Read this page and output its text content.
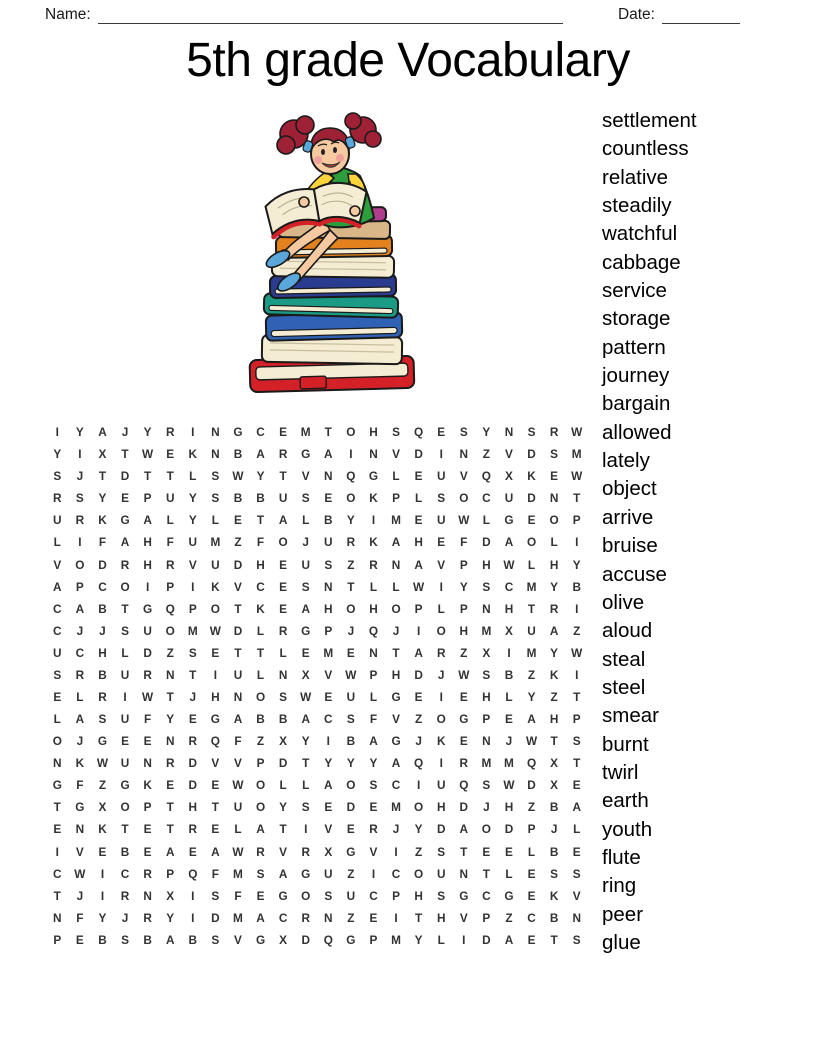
Name:	Date:
5th grade Vocabulary
I Y A J Y R I N G C E M T O H S Q E S Y N S R W
Y I X T W E K N B A R G A I N V D I N Z V D S M
S J T D T T L S W Y T V N Q G L E U V Q X K E W
R S Y E P U Y S B B U S E O K P L S O C U D N T
U R K G A L Y L E T A L B Y I M E U W L G E O P
L I F A H F U M Z F O J U R K A H E F D A O L I
V O D R H R V U D H E U S Z R N A V P H W L H Y
A P C O I P I K V C E S N T L L W I Y S C M Y B
C A B T G Q P O T K E A H O H O P L P N H T R I
C J J S U O M W D L R G P J Q J I O H M X U A Z
U C H L D Z S E T T L E M E N T A R Z X I M Y W
S R B U R N T I U L N X V W P H D J W S B Z K I
E L R I W T J H N O S W E U L G E I E H L Y Z T
L A S U F Y E G A B B A C S F V Z O G P E A H P
O J G E E N R Q F Z X Y I B A G J K E N J W T S
N K W U N R D V V P D T Y Y Y A Q I R M M Q X T
G F Z G K E D E W O L L A O S C I U Q S W D X E
T G X O P T H T U O Y S E D E M O H D J H Z B A
E N K T E T R E L A T I V E R J Y D A O D P J L
I V E B E A E A W R V R X G V I Z S T E E L B E
C W I C R P Q F M S A G U Z I C O U N T L E S S
T J I R N X I S F E G O S U C P H S G C G E K V
N F Y J R Y I D M A C R N Z E I T H V P Z C B N
P E B S B A B S V G X D Q G P M Y L I D A E T S
settlement
countless
relative
steadily
watchful
cabbage
service
storage
pattern
journey
bargain
allowed
lately
object
arrive
bruise
accuse
olive
aloud
steal
steel
smear
burnt
twirl
earth
youth
flute
ring
peer
glue
